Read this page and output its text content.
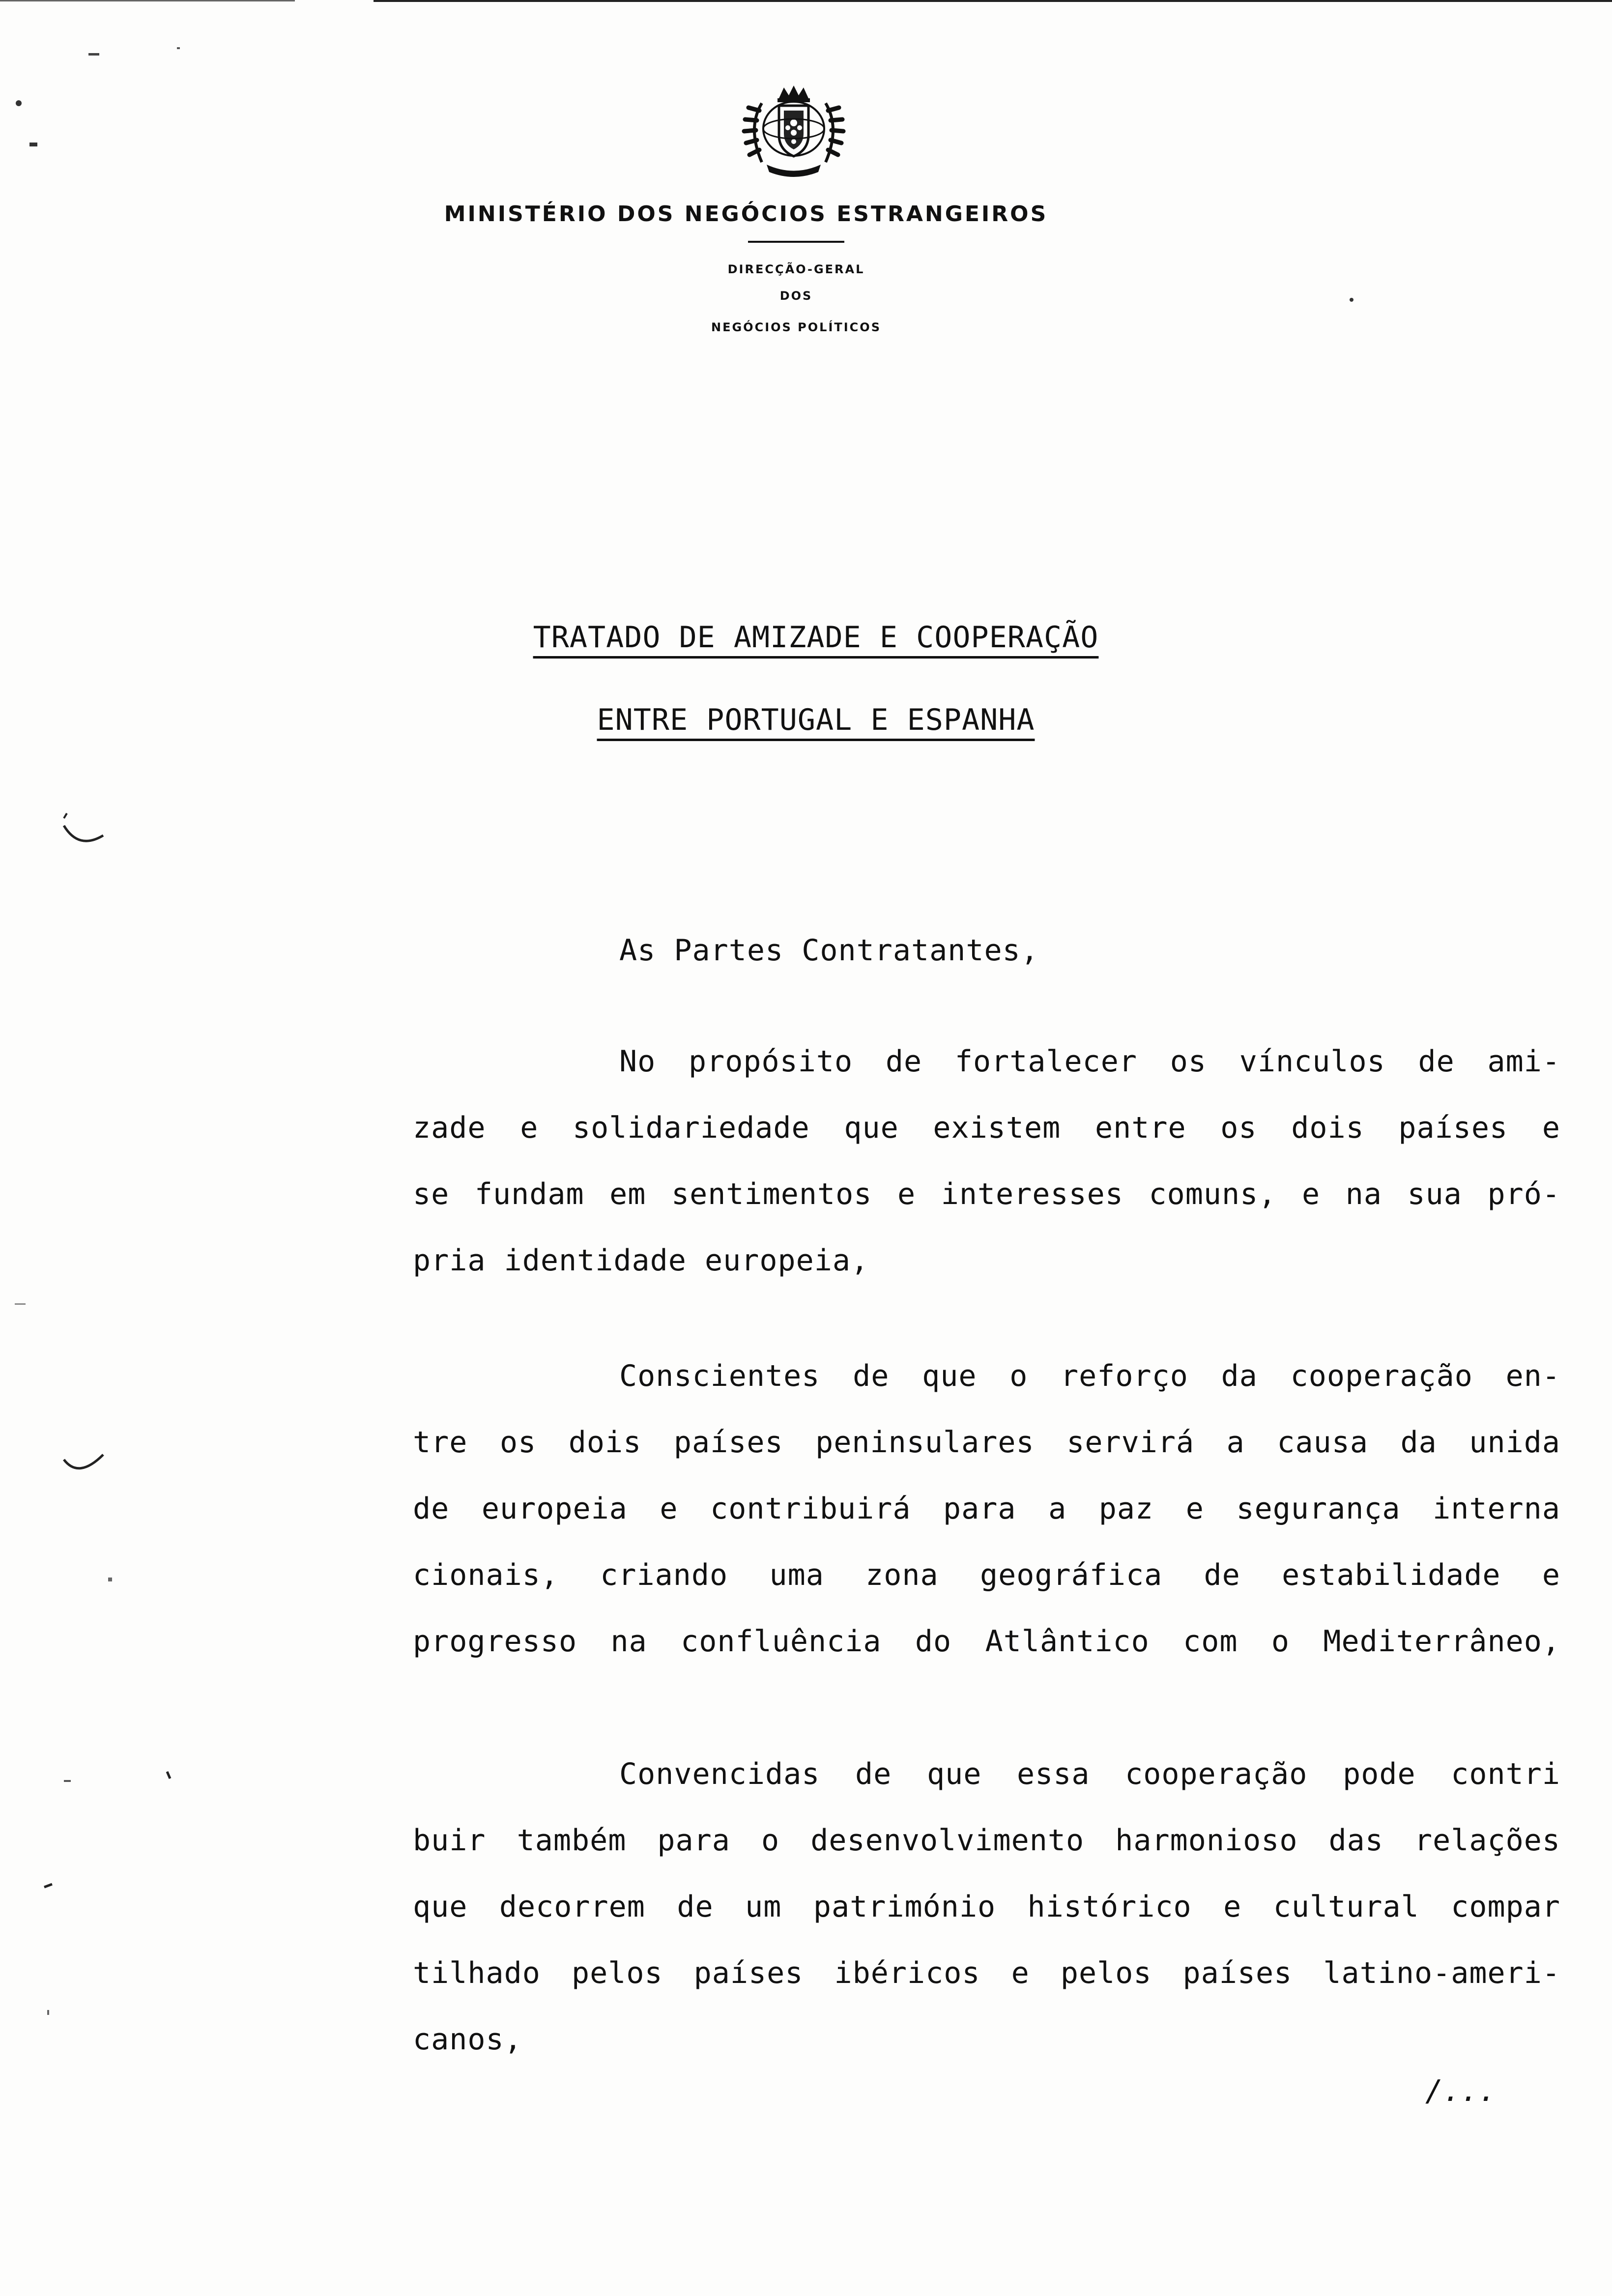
MINISTÉRIO DOS NEGÓCIOS ESTRANGEIROS
DIRECÇÃO-GERAL
DOS
NEGÓCIOS POLÍTICOS
TRATADO DE AMIZADE E COOPERAÇÃO
ENTRE PORTUGAL E ESPANHA
As Partes Contratantes,
No propósito de fortalecer os vínculos de ami-
zade e solidariedade que existem entre os dois países e
se fundam em sentimentos e interesses comuns, e na sua pró-
pria identidade europeia,
Conscientes de que o reforço da cooperação en-
tre os dois países peninsulares servirá a causa da unida
de europeia e contribuirá para a paz e segurança interna
cionais, criando uma zona geográfica de estabilidade e
progresso na confluência do Atlântico com o Mediterrâneo,
Convencidas de que essa cooperação pode contri
buir também para o desenvolvimento harmonioso das relações
que decorrem de um património histórico e cultural compar
tilhado pelos países ibéricos e pelos países latino-ameri-
canos,
/...
